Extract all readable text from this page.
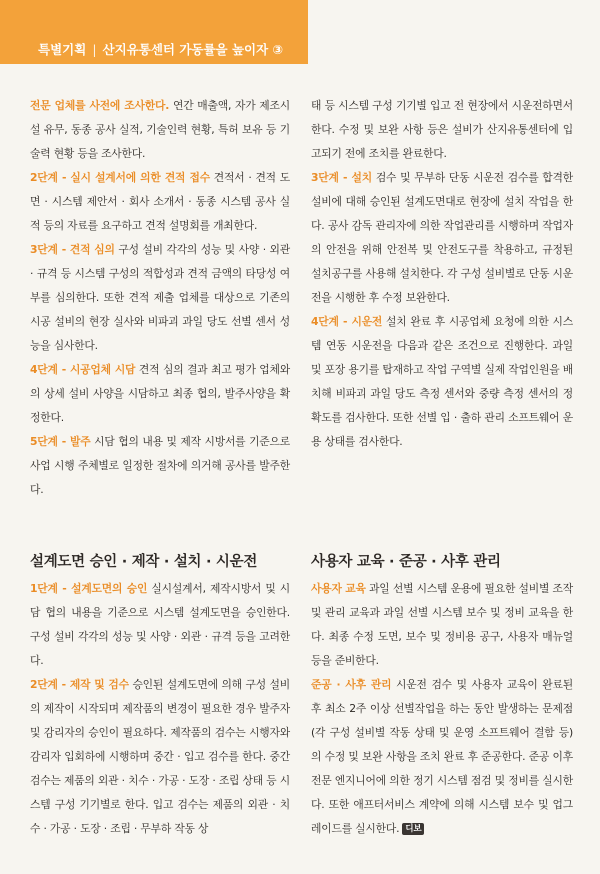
특별기획 | 산지유통센터 가동률을 높이자 ③

전문 업체를 사전에 조사한다. 연간 매출액, 자가 제조시설 유무, 동종 공사 실적, 기술인력 현황, 특허 보유 등 기술력 현황 등을 조사한다.

2단계 - 실시 설계서에 의한 견적 접수 견적서 · 견적 도면 · 시스템 제안서 · 회사 소개서 · 동종 시스템 공사 실적 등의 자료를 요구하고 견적 설명회를 개최한다.

3단계 - 견적 심의 구성 설비 각각의 성능 및 사양 · 외관 · 규격 등 시스템 구성의 적합성과 견적 금액의 타당성 여부를 심의한다. 또한 견적 제출 업체를 대상으로 기존의 시공 설비의 현장 실사와 비파괴 과일 당도 선별 센서 성능을 심사한다.

4단계 - 시공업체 시담 견적 심의 결과 최고 평가 업체와의 상세 설비 사양을 시담하고 최종 협의, 발주사양을 확정한다.

5단계 - 발주 시담 협의 내용 및 제작 시방서를 기준으로 사업 시행 주체별로 일정한 절차에 의거해 공사를 발주한다.

태 등 시스템 구성 기기별 입고 전 현장에서 시운전하면서 한다. 수정 및 보완 사항 등은 설비가 산지유통센터에 입고되기 전에 조치를 완료한다.

3단계 - 설치 검수 및 무부하 단동 시운전 검수를 합격한 설비에 대해 승인된 설계도면대로 현장에 설치 작업을 한다. 공사 감독 관리자에 의한 작업관리를 시행하며 작업자의 안전을 위해 안전복 및 안전도구를 착용하고, 규정된 설치공구를 사용해 설치한다. 각 구성 설비별로 단동 시운전을 시행한 후 수정 보완한다.

4단계 - 시운전 설치 완료 후 시공업체 요청에 의한 시스템 연동 시운전을 다음과 같은 조건으로 진행한다. 과일 및 포장 용기를 탑재하고 작업 구역별 실제 작업인원을 배치해 비파괴 과일 당도 측정 센서와 중량 측정 센서의 정확도를 검사한다. 또한 선별 입 · 출하 관리 소프트웨어 운용 상태를 검사한다.

설계도면 승인 · 제작 · 설치 · 시운전	사용자 교육 · 준공 · 사후 관리

1단계 - 설계도면의 승인 실시설계서, 제작시방서 및 시담 협의 내용을 기준으로 시스템 설계도면을 승인한다. 구성 설비 각각의 성능 및 사양 · 외관 · 규격 등을 고려한다.

2단계 - 제작 및 검수 승인된 설계도면에 의해 구성 설비의 제작이 시작되며 제작품의 변경이 필요한 경우 발주자 및 감리자의 승인이 필요하다. 제작품의 검수는 시행자와 감리자 입회하에 시행하며 중간 · 입고 검수를 한다. 중간 검수는 제품의 외관 · 치수 · 가공 · 도장 · 조립 상태 등 시스템 구성 기기별로 한다. 입고 검수는 제품의 외관 · 치수 · 가공 · 도장 · 조립 · 무부하 작동 상

사용자 교육 과일 선별 시스템 운용에 필요한 설비별 조작 및 관리 교육과 과일 선별 시스템 보수 및 정비 교육을 한다. 최종 수정 도면, 보수 및 정비용 공구, 사용자 매뉴얼 등을 준비한다.

준공 · 사후 관리 시운전 검수 및 사용자 교육이 완료된 후 최소 2주 이상 선별작업을 하는 동안 발생하는 문제점(각 구성 설비별 작동 상태 및 운영 소프트웨어 결함 등)의 수정 및 보완 사항을 조치 완료 후 준공한다. 준공 이후 전문 엔지니어에 의한 정기 시스템 점검 및 정비를 실시한다. 또한 애프터서비스 계약에 의해 시스템 보수 및 업그레이드를 실시한다. 디보
